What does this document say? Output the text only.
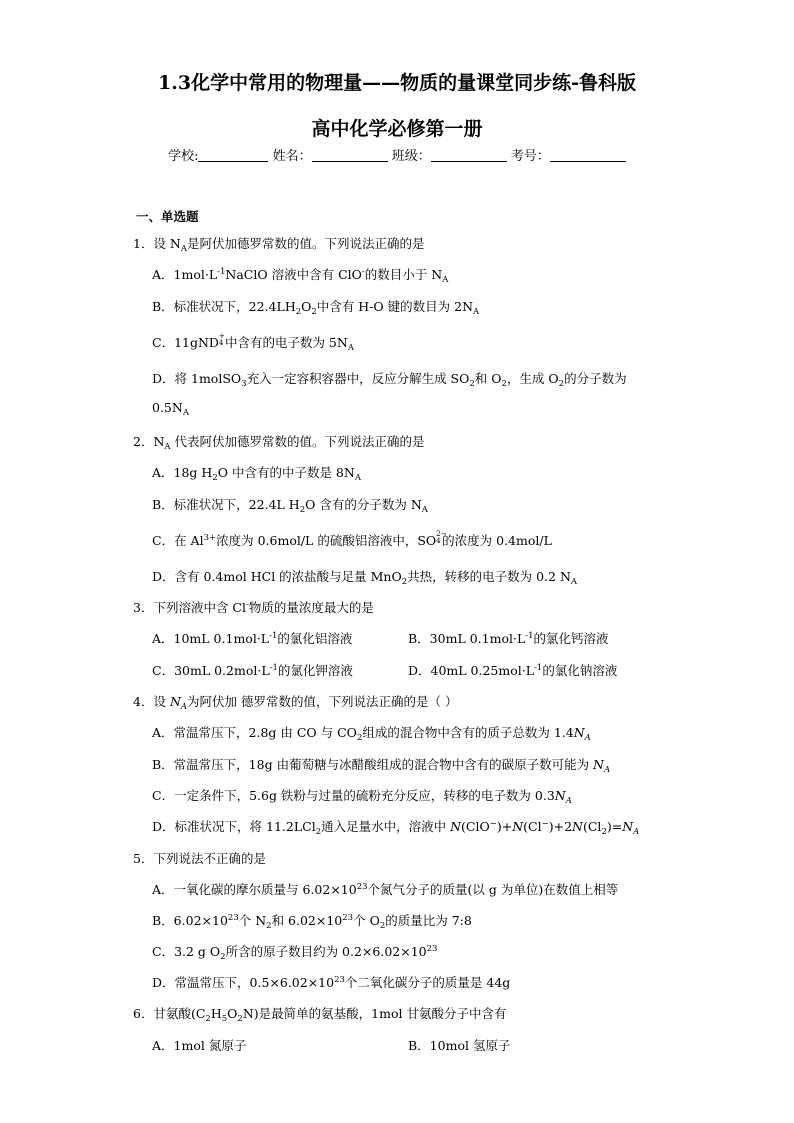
1.3化学中常用的物理量——物质的量课堂同步练-鲁科版
高中化学必修第一册
学校:	姓名：	班级：	考号：
一、单选题
1．设 $N_A$是阿伏加德罗常数的值。下列说法正确的是
A．$1mol\cdot L^{-1}NaClO$ 溶液中含有 ClO-的数目小于 $N_A$
B．标准状况下，$22.4LH_2O_2$中含有 H-O 键的数目为 $2N_A$
C．11gND +
4 中含有的电子数为 $5N_A$
D．将 1molSO$_3$充入一定容积容器中，反应分解生成 $SO_2$和 $O_2$，生成 $O_2$的分子数为
$0.5N_A$
2．$N_A$ 代表阿伏加德罗常数的值。下列说法正确的是
A．18g $H_2O$ 中含有的中子数是 $8N_A$
B．标准状况下，22.4L $H_2O$ 含有的分子数为 $N_A$
C．在 $Al^{3+}$浓度为 0.6mol/L 的硫酸铝溶液中，SO 2−
4 的浓度为 0.4mol/L
D．含有 0.4mol HCl 的浓盐酸与足量 MnO$_2$共热，转移的电子数为 0.2 $N_A$
3．下列溶液中含 Cl-物质的量浓度最大的是
A．10mL $0.1mol\cdot L^{-1}$的氯化铝溶液	B．30mL $0.1mol\cdot L^{-1}$的氯化钙溶液
C．30mL $0.2mol\cdot L^{-1}$的氯化钾溶液	D．40mL $0.25mol\cdot L^{-1}$的氯化钠溶液
4．设 $N_A$为阿伏加 德罗常数的值，下列说法正确的是（ ）
A．常温常压下，2.8g 由 CO 与 $CO_2$组成的混合物中含有的质子总数为 $1.4N_A$
B．常温常压下，18g 由葡萄糖与冰醋酸组成的混合物中含有的碳原子数可能为 $N_A$
C．一定条件下，5.6g 铁粉与过量的硫粉充分反应，转移的电子数为 $0.3N_A$
D．标准状况下，将 11.2LCl$_2$通入足量水中，溶液中 $N(ClO^-)+N(Cl^-)+2N(Cl_2)=N_A$
5．下列说法不正确的是
A．一氧化碳的摩尔质量与 $6.02\times 10^{23}$个氮气分子的质量(以 g 为单位)在数值上相等
B．$6.02\times 10^{23}$个 $N_2$和 $6.02\times 10^{23}$个 $O_2$的质量比为 7:8
C．3.2 g $O_2$所含的原子数目约为 $0.2\times 6.02\times 10^{23}$
D．常温常压下，$0.5\times 6.02\times 10^{23}$个二氧化碳分子的质量是 44g
6．甘氨酸$(C_2H_5O_2N)$是最简单的氨基酸，1mol 甘氨酸分子中含有
A．1mol 氮原子	B．10mol 氢原子
